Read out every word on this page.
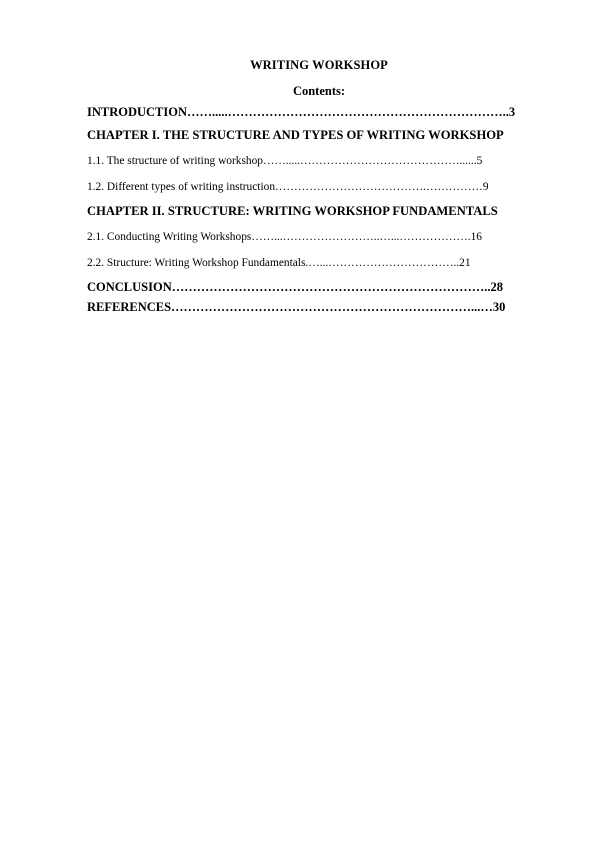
WRITING WORKSHOP
Contents:
INTRODUCTION…….....…………………………………………………………..3
CHAPTER I. THE STRUCTURE AND TYPES OF WRITING WORKSHOP
1.1. The structure of writing workshop…….....……………………………………......5
1.2. Different types of writing instruction………………………………….……………9
CHAPTER II. STRUCTURE: WRITING WORKSHOP FUNDAMENTALS
2.1. Conducting Writing Workshops……...……………………..…...……………….16
2.2. Structure: Writing Workshop Fundamentals.…...……………………………..21
CONCLUSION…………………………………………………………………..28
REFERENCES………………………………………………………………...…30
